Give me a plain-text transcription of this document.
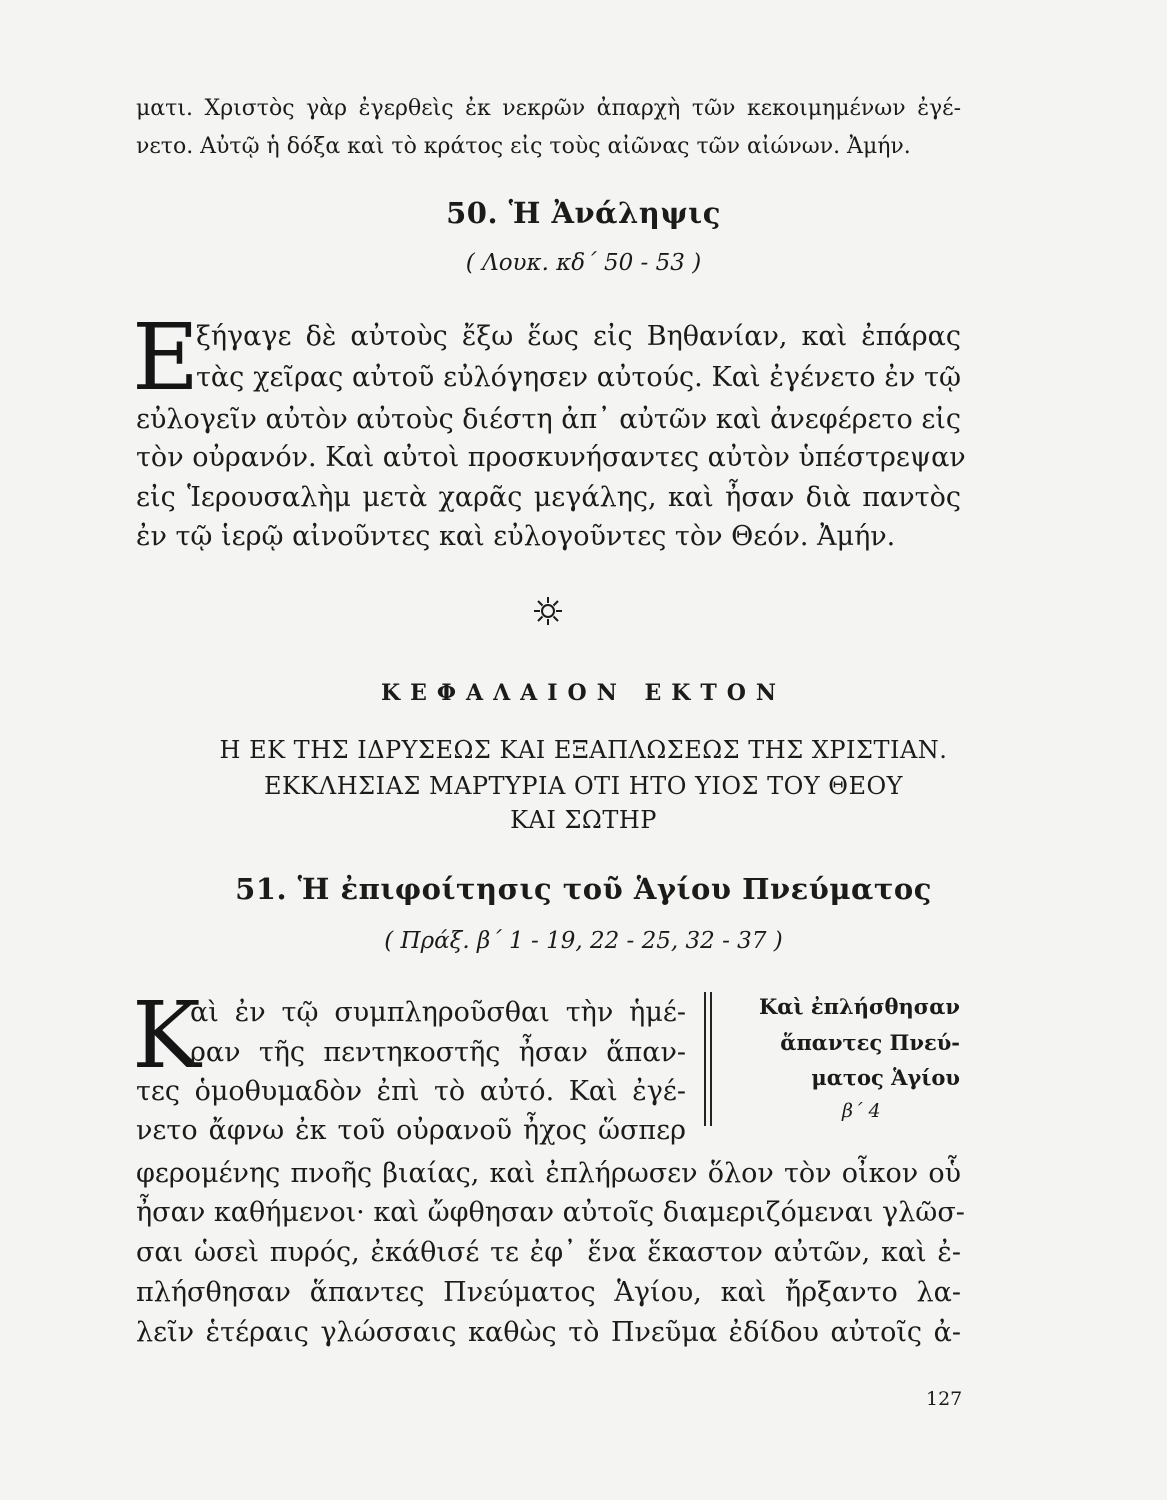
ματι. Χριστὸς γὰρ ἐγερθεὶς ἐκ νεκρῶν ἀπαρχὴ τῶν κεκοιμημένων ἐγέ-
νετο. Αὐτῷ ἡ δόξα καὶ τὸ κράτος εἰς τοὺς αἰῶνας τῶν αἰώνων. Ἀμήν.
50. Ἡ Ἀνάληψις
( Λουκ. κδ΄ 50 - 53 )
Ε
ξήγαγε δὲ αὐτοὺς ἔξω ἕως εἰς Βηθανίαν, καὶ ἐπάρας
τὰς χεῖρας αὐτοῦ εὐλόγησεν αὐτούς. Καὶ ἐγένετο ἐν τῷ
εὐλογεῖν αὐτὸν αὐτοὺς διέστη ἀπ᾽ αὐτῶν καὶ ἀνεφέρετο εἰς
τὸν οὐρανόν. Καὶ αὐτοὶ προσκυνήσαντες αὐτὸν ὑπέστρεψαν
εἰς Ἱερουσαλὴμ μετὰ χαρᾶς μεγάλης, καὶ ἦσαν διὰ παντὸς
ἐν τῷ ἱερῷ αἰνοῦντες καὶ εὐλογοῦντες τὸν Θεόν. Ἀμήν.
ΚΕΦΑΛΑΙΟΝ ΕΚΤΟΝ
Η ΕΚ ΤΗΣ ΙΔΡΥΣΕΩΣ ΚΑΙ ΕΞΑΠΛΩΣΕΩΣ ΤΗΣ ΧΡΙΣΤΙΑΝ.
ΕΚΚΛΗΣΙΑΣ ΜΑΡΤΥΡΙΑ ΟΤΙ ΗΤΟ ΥΙΟΣ ΤΟΥ ΘΕΟΥ
ΚΑΙ ΣΩΤΗΡ
51. Ἡ ἐπιφοίτησις τοῦ Ἁγίου Πνεύματος
( Πράξ. β΄ 1 - 19, 22 - 25, 32 - 37 )
Κ
αὶ ἐν τῷ συμπληροῦσθαι τὴν ἡμέ-
ραν τῆς πεντηκοστῆς ἦσαν ἅπαν-
τες ὁμοθυμαδὸν ἐπὶ τὸ αὐτό. Καὶ ἐγέ-
νετο ἄφνω ἐκ τοῦ οὐρανοῦ ἦχος ὥσπερ
Καὶ ἐπλήσθησαν
ἅπαντες Πνεύ-
ματος Ἁγίου
β΄ 4
φερομένης πνοῆς βιαίας, καὶ ἐπλήρωσεν ὅλον τὸν οἶκον οὗ
ἦσαν καθήμενοι· καὶ ὤφθησαν αὐτοῖς διαμεριζόμεναι γλῶσ-
σαι ὡσεὶ πυρός, ἐκάθισέ τε ἐφ᾽ ἕνα ἕκαστον αὐτῶν, καὶ ἐ-
πλήσθησαν ἅπαντες Πνεύματος Ἁγίου, καὶ ἤρξαντο λα-
λεῖν ἑτέραις γλώσσαις καθὼς τὸ Πνεῦμα ἐδίδου αὐτοῖς ἀ-
127
